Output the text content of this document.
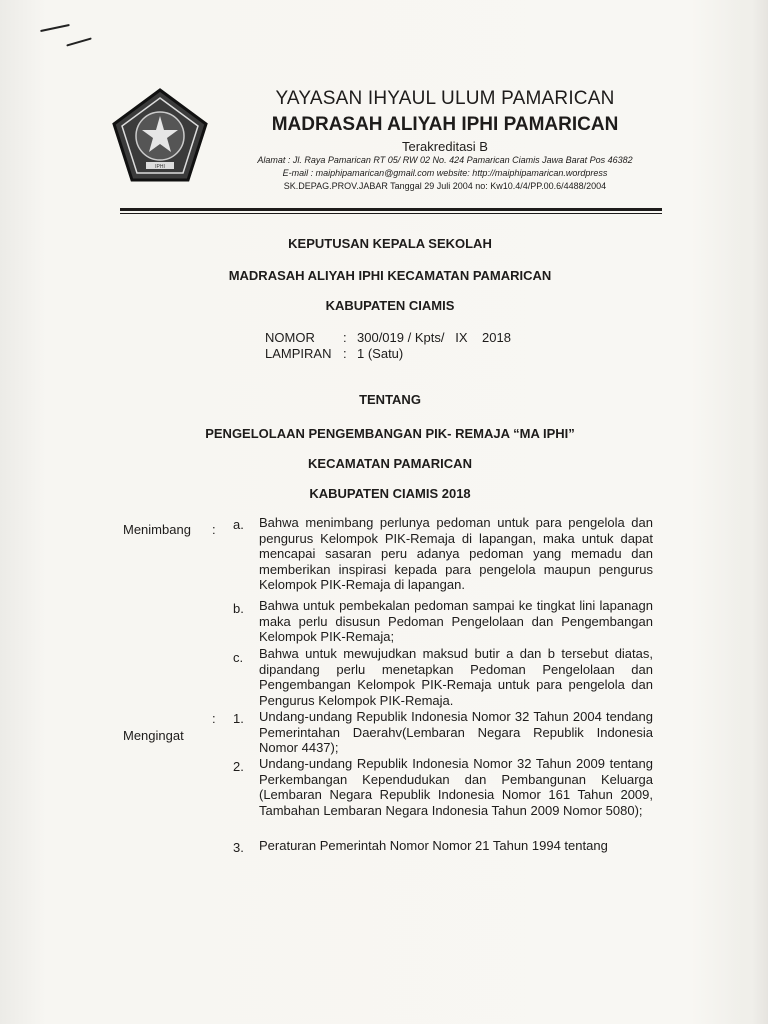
IPHI
YAYASAN IHYAUL ULUM PAMARICAN
MADRASAH ALIYAH IPHI PAMARICAN
Terakreditasi B
Alamat : Jl. Raya Pamarican RT 05/ RW 02 No. 424 Pamarican Ciamis Jawa Barat Pos 46382
E-mail : maiphipamarican@gmail.com website: http://maiphipamarican.wordpress
SK.DEPAG.PROV.JABAR Tanggal 29 Juli 2004 no: Kw10.4/4/PP.00.6/4488/2004
KEPUTUSAN KEPALA SEKOLAH
MADRASAH ALIYAH IPHI KECAMATAN PAMARICAN
KABUPATEN CIAMIS
NOMOR : 300/019 / Kpts/   IX    2018
LAMPIRAN : 1 (Satu)
TENTANG
PENGELOLAAN PENGEMBANGAN PIK- REMAJA “MA IPHI”
KECAMATAN PAMARICAN
KABUPATEN CIAMIS 2018
Menimbang : a. Bahwa menimbang perlunya pedoman untuk para pengelola dan pengurus Kelompok PIK-Remaja di lapangan, maka untuk dapat mencapai sasaran peru adanya pedoman yang memadu dan memberikan inspirasi kepada para pengelola maupun pengurus Kelompok PIK-Remaja di lapangan.
b. Bahwa untuk pembekalan pedoman sampai ke tingkat lini lapanagn maka perlu disusun Pedoman Pengelolaan dan Pengembangan Kelompok PIK-Remaja;
c. Bahwa untuk mewujudkan maksud butir a dan b tersebut diatas, dipandang perlu menetapkan Pedoman Pengelolaan dan Pengembangan Kelompok PIK-Remaja untuk para pengelola dan Pengurus Kelompok PIK-Remaja.
Mengingat
: 1. Undang-undang Republik Indonesia Nomor 32 Tahun 2004 tendang Pemerintahan Daerahv(Lembaran Negara Republik Indonesia Nomor 4437);
2. Undang-undang Republik Indonesia Nomor 32 Tahun 2009 tentang Perkembangan Kependudukan dan Pembangunan Keluarga (Lembaran Negara Republik Indonesia Nomor 161 Tahun 2009, Tambahan Lembaran Negara Indonesia Tahun 2009 Nomor 5080);
3. Peraturan Pemerintah Nomor Nomor 21 Tahun 1994 tentang
